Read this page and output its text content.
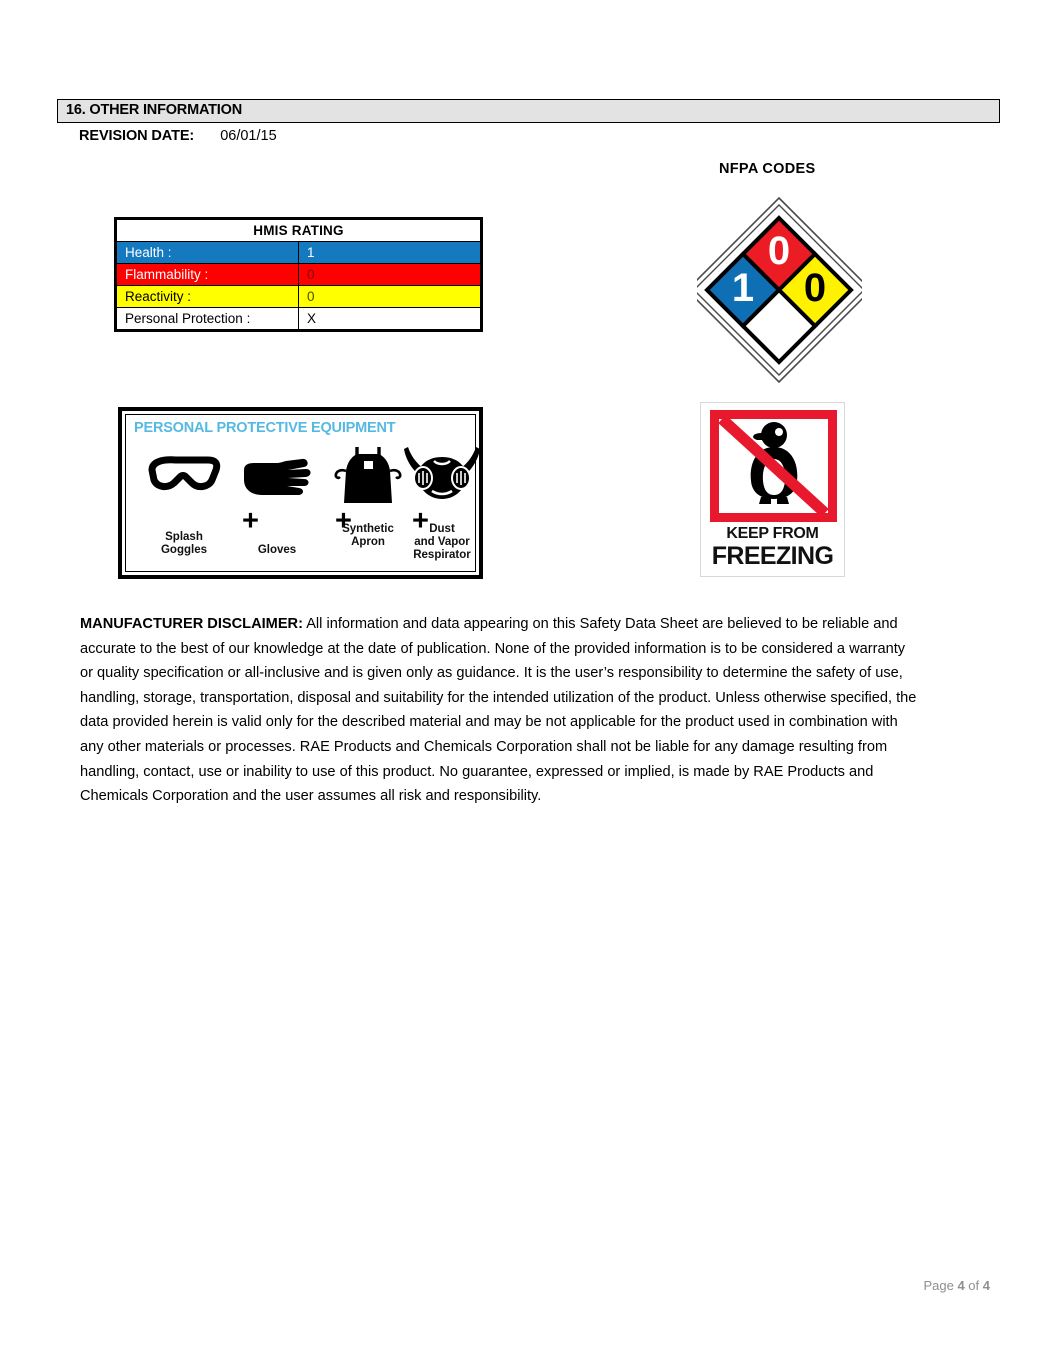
16. OTHER INFORMATION
REVISION DATE: 06/01/15
NFPA CODES
HMIS RATING	
Health :	1
Flammability :	0
Reactivity :	0
Personal Protection :	X
0
1 0
PERSONAL PROTECTIVE EQUIPMENT
Splash
Goggles
+
Gloves
+
Synthetic
Apron
+ Dust
and Vapor
Respirator
KEEP FROM
FREEZING
MANUFACTURER DISCLAIMER: All information and data appearing on this Safety Data Sheet are believed to be reliable and accurate to the best of our knowledge at the date of publication. None of the provided information is to be considered a warranty or quality specification or all-inclusive and is given only as guidance. It is the user’s responsibility to determine the safety of use, handling, storage, transportation, disposal and suitability for the intended utilization of the product. Unless otherwise specified, the data provided herein is valid only for the described material and may be not applicable for the product used in combination with any other materials or processes. RAE Products and Chemicals Corporation shall not be liable for any damage resulting from handling, contact, use or inability to use of this product. No guarantee, expressed or implied, is made by RAE Products and Chemicals Corporation and the user assumes all risk and responsibility.
Page 4 of 4
